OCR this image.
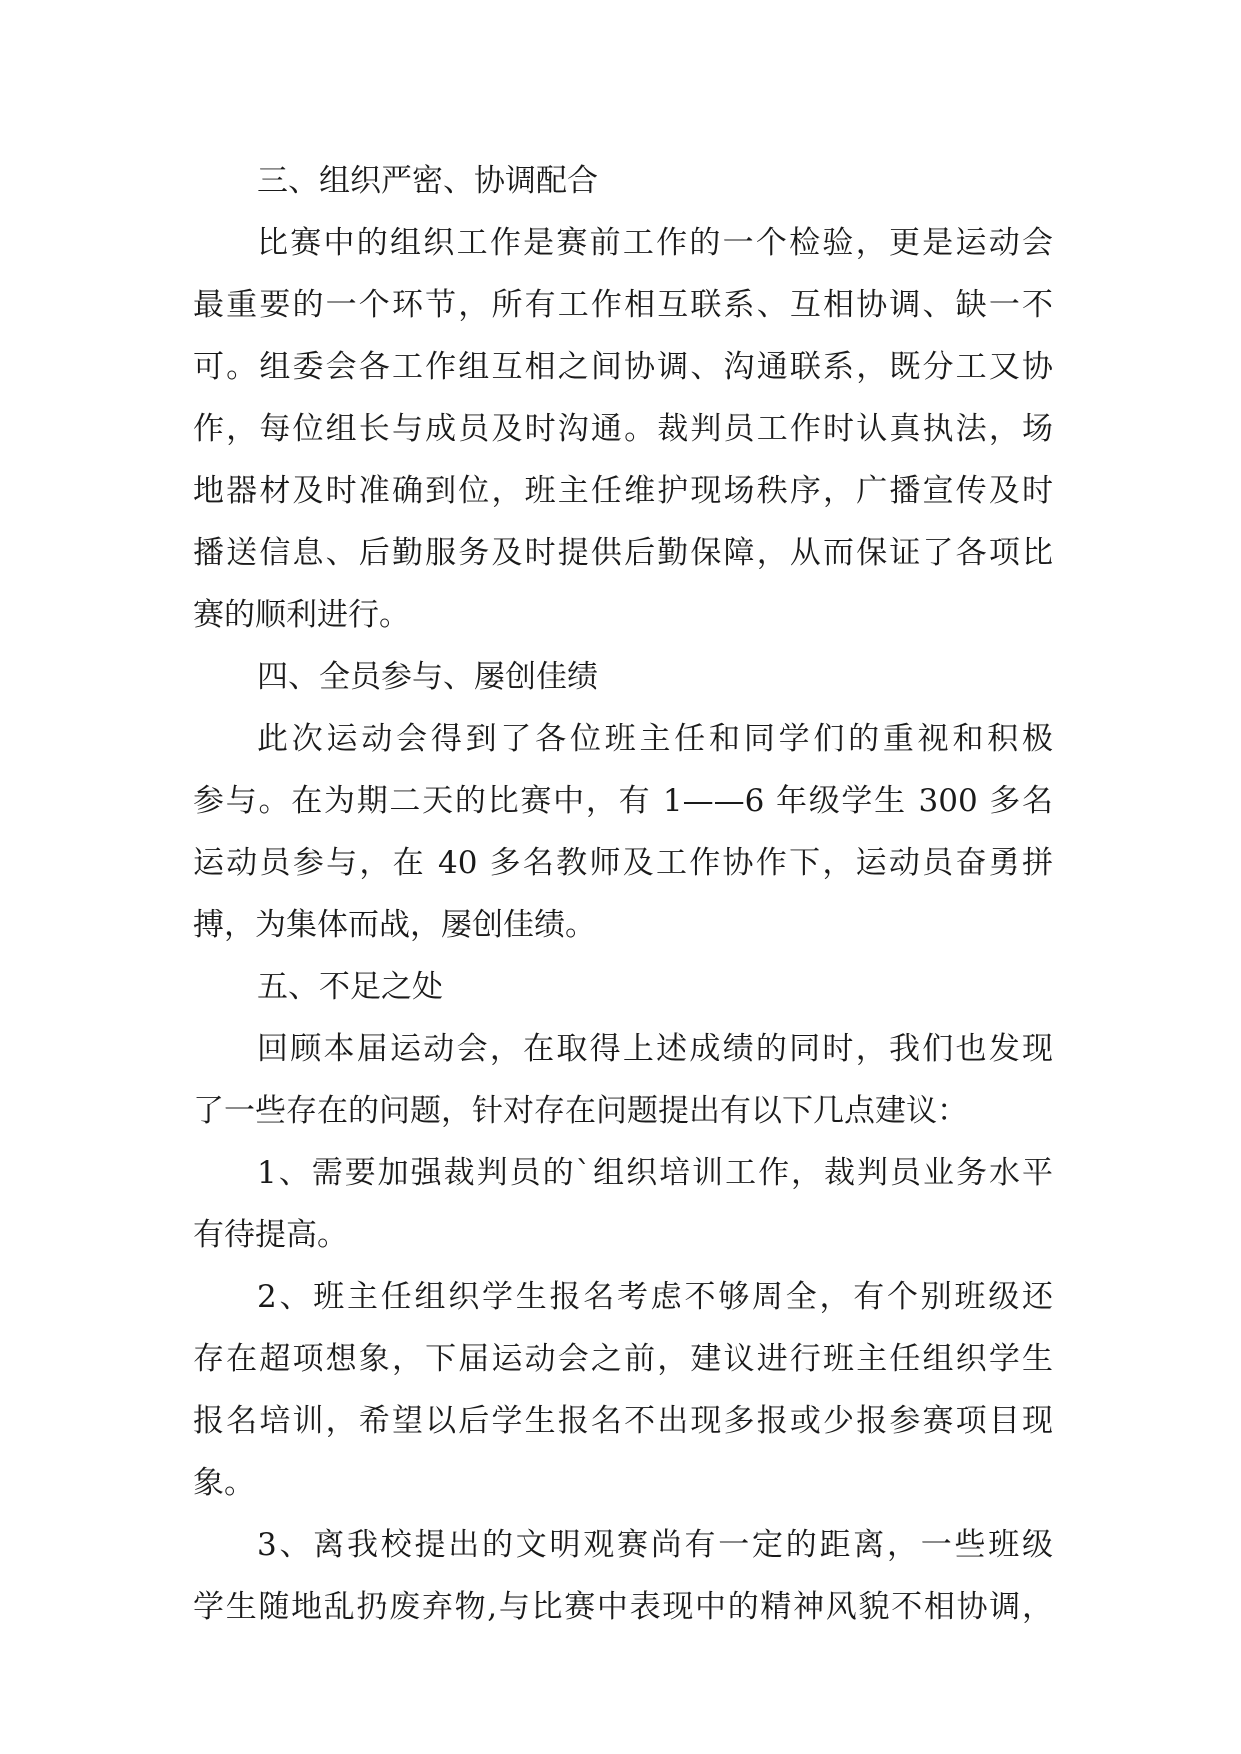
三、组织严密、协调配合
比赛中的组织工作是赛前工作的一个检验，更是运动会
最重要的一个环节，所有工作相互联系、互相协调、缺一不
可。组委会各工作组互相之间协调、沟通联系，既分工又协
作，每位组长与成员及时沟通。裁判员工作时认真执法，场
地器材及时准确到位，班主任维护现场秩序，广播宣传及时
播送信息、后勤服务及时提供后勤保障，从而保证了各项比
赛的顺利进行。
四、全员参与、屡创佳绩
此次运动会得到了各位班主任和同学们的重视和积极
参与。在为期二天的比赛中，有 1——6 年级学生 300 多名
运动员参与，在 40 多名教师及工作协作下，运动员奋勇拼
搏，为集体而战，屡创佳绩。
五、不足之处
回顾本届运动会，在取得上述成绩的同时，我们也发现
了一些存在的问题，针对存在问题提出有以下几点建议：
1、需要加强裁判员的`组织培训工作，裁判员业务水平
有待提高。
2、班主任组织学生报名考虑不够周全，有个别班级还
存在超项想象，下届运动会之前，建议进行班主任组织学生
报名培训，希望以后学生报名不出现多报或少报参赛项目现
象。
3、离我校提出的文明观赛尚有一定的距离，一些班级
学生随地乱扔废弃物,与比赛中表现中的精神风貌不相协调，
